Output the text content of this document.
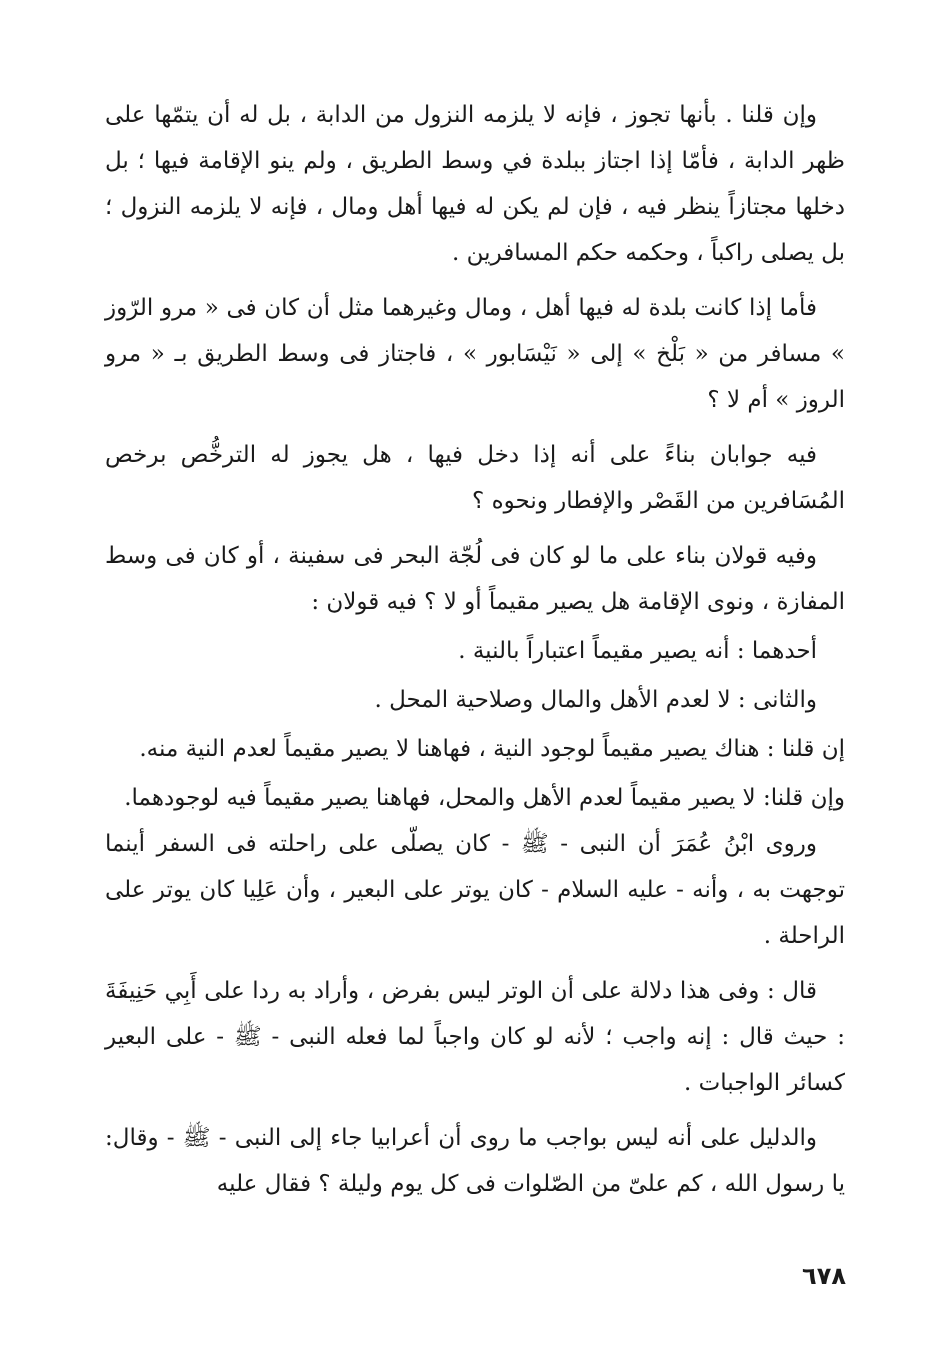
وإن قلنا . بأنها تجوز ، فإنه لا يلزمه النزول من الدابة ، بل له أن يتمّها على ظهر الدابة ، فأمّا إذا اجتاز ببلدة في وسط الطريق ، ولم ينو الإقامة فيها ؛ بل دخلها مجتازاً ينظر فيه ، فإن لم يكن له فيها أهل ومال ، فإنه لا يلزمه النزول ؛ بل يصلى راكباً ، وحكمه حكم المسافرين .

فأما إذا كانت بلدة له فيها أهل ، ومال وغيرهما مثل أن كان فى « مرو الرّوز » مسافر من « بَلْخ » إلى « نَيْسَابور » ، فاجتاز فى وسط الطريق بـ « مرو الروز » أم لا ؟

فيه جوابان بناءً على أنه إذا دخل فيها ، هل يجوز له الترخُّص برخص المُسَافرين من القَصْر والإفطار ونحوه ؟

وفيه قولان بناء على ما لو كان فى لُجّة البحر فى سفينة ، أو كان فى وسط المفازة ، ونوى الإقامة هل يصير مقيماً أو لا ؟ فيه قولان :

أحدهما : أنه يصير مقيماً اعتباراً بالنية .

والثانى : لا لعدم الأهل والمال وصلاحية المحل .

إن قلنا : هناك يصير مقيماً لوجود النية ، فهاهنا لا يصير مقيماً لعدم النية منه.

وإن قلنا: لا يصير مقيماً لعدم الأهل والمحل، فهاهنا يصير مقيماً فيه لوجودهما.

وروى ابْنُ عُمَرَ أن النبى - ﷺ - كان يصلّى على راحلته فى السفر أينما توجهت به ، وأنه - عليه السلام - كان يوتر على البعير ، وأن عَلِيا كان يوتر على الراحلة .

قال : وفى هذا دلالة على أن الوتر ليس بفرض ، وأراد به ردا على أَبِي حَنِيفَةَ : حيث قال : إنه واجب ؛ لأنه لو كان واجباً لما فعله النبى - ﷺ - على البعير كسائر الواجبات .

والدليل على أنه ليس بواجب ما روى أن أعرابيا جاء إلى النبى - ﷺ - وقال: يا رسول الله ، كم علىّ من الصّلوات فى كل يوم وليلة ؟ فقال عليه

٦٧٨
